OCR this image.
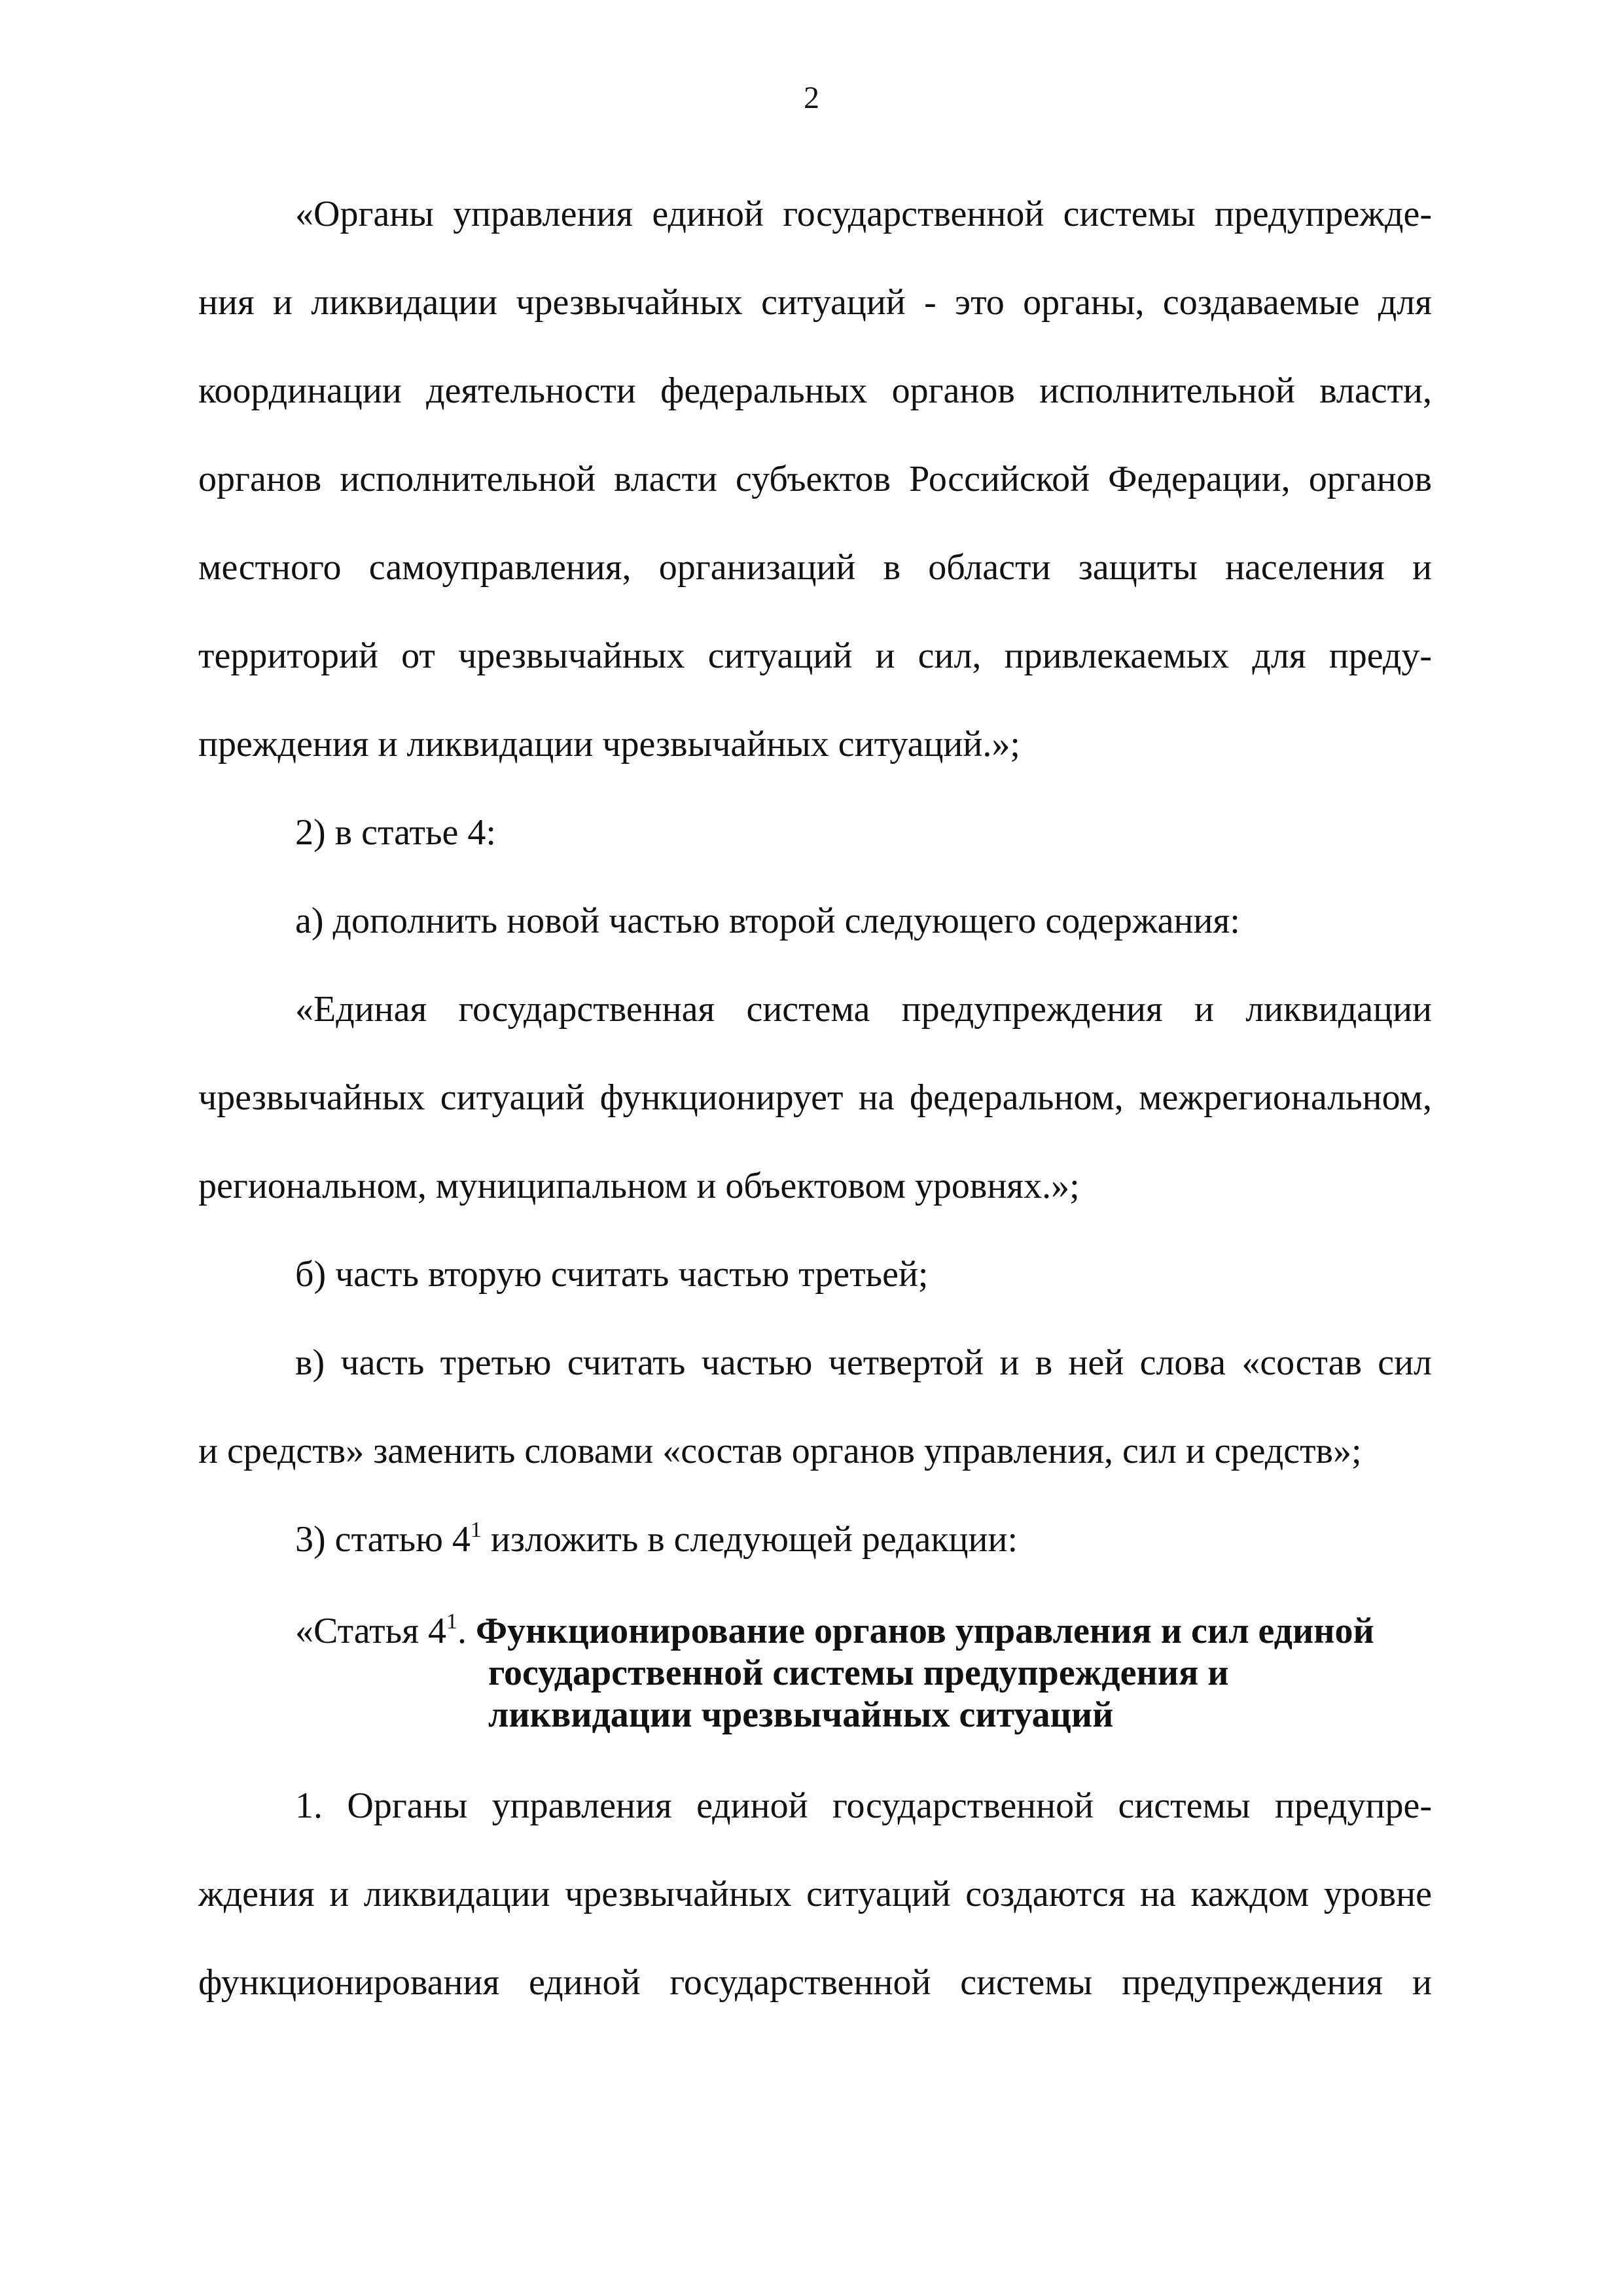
2
«Органы управления единой государственной системы предупрежде-
ния и ликвидации чрезвычайных ситуаций - это органы, создаваемые для
координации деятельности федеральных органов исполнительной власти,
органов исполнительной власти субъектов Российской Федерации, органов
местного самоуправления, организаций в области защиты населения и
территорий от чрезвычайных ситуаций и сил, привлекаемых для преду-
преждения и ликвидации чрезвычайных ситуаций.»;
2) в статье 4:
а) дополнить новой частью второй следующего содержания:
«Единая государственная система предупреждения и ликвидации
чрезвычайных ситуаций функционирует на федеральном, межрегиональном,
региональном, муниципальном и объектовом уровнях.»;
б) часть вторую считать частью третьей;
в) часть третью считать частью четвертой и в ней слова «состав сил
и средств» заменить словами «состав органов управления, сил и средств»;
3) статью $4^1$ изложить в следующей редакции:
«Статья $4^1$. Функционирование органов управления и сил единой
государственной системы предупреждения и
ликвидации чрезвычайных ситуаций
1. Органы управления единой государственной системы предупре-
ждения и ликвидации чрезвычайных ситуаций создаются на каждом уровне
функционирования единой государственной системы предупреждения и
